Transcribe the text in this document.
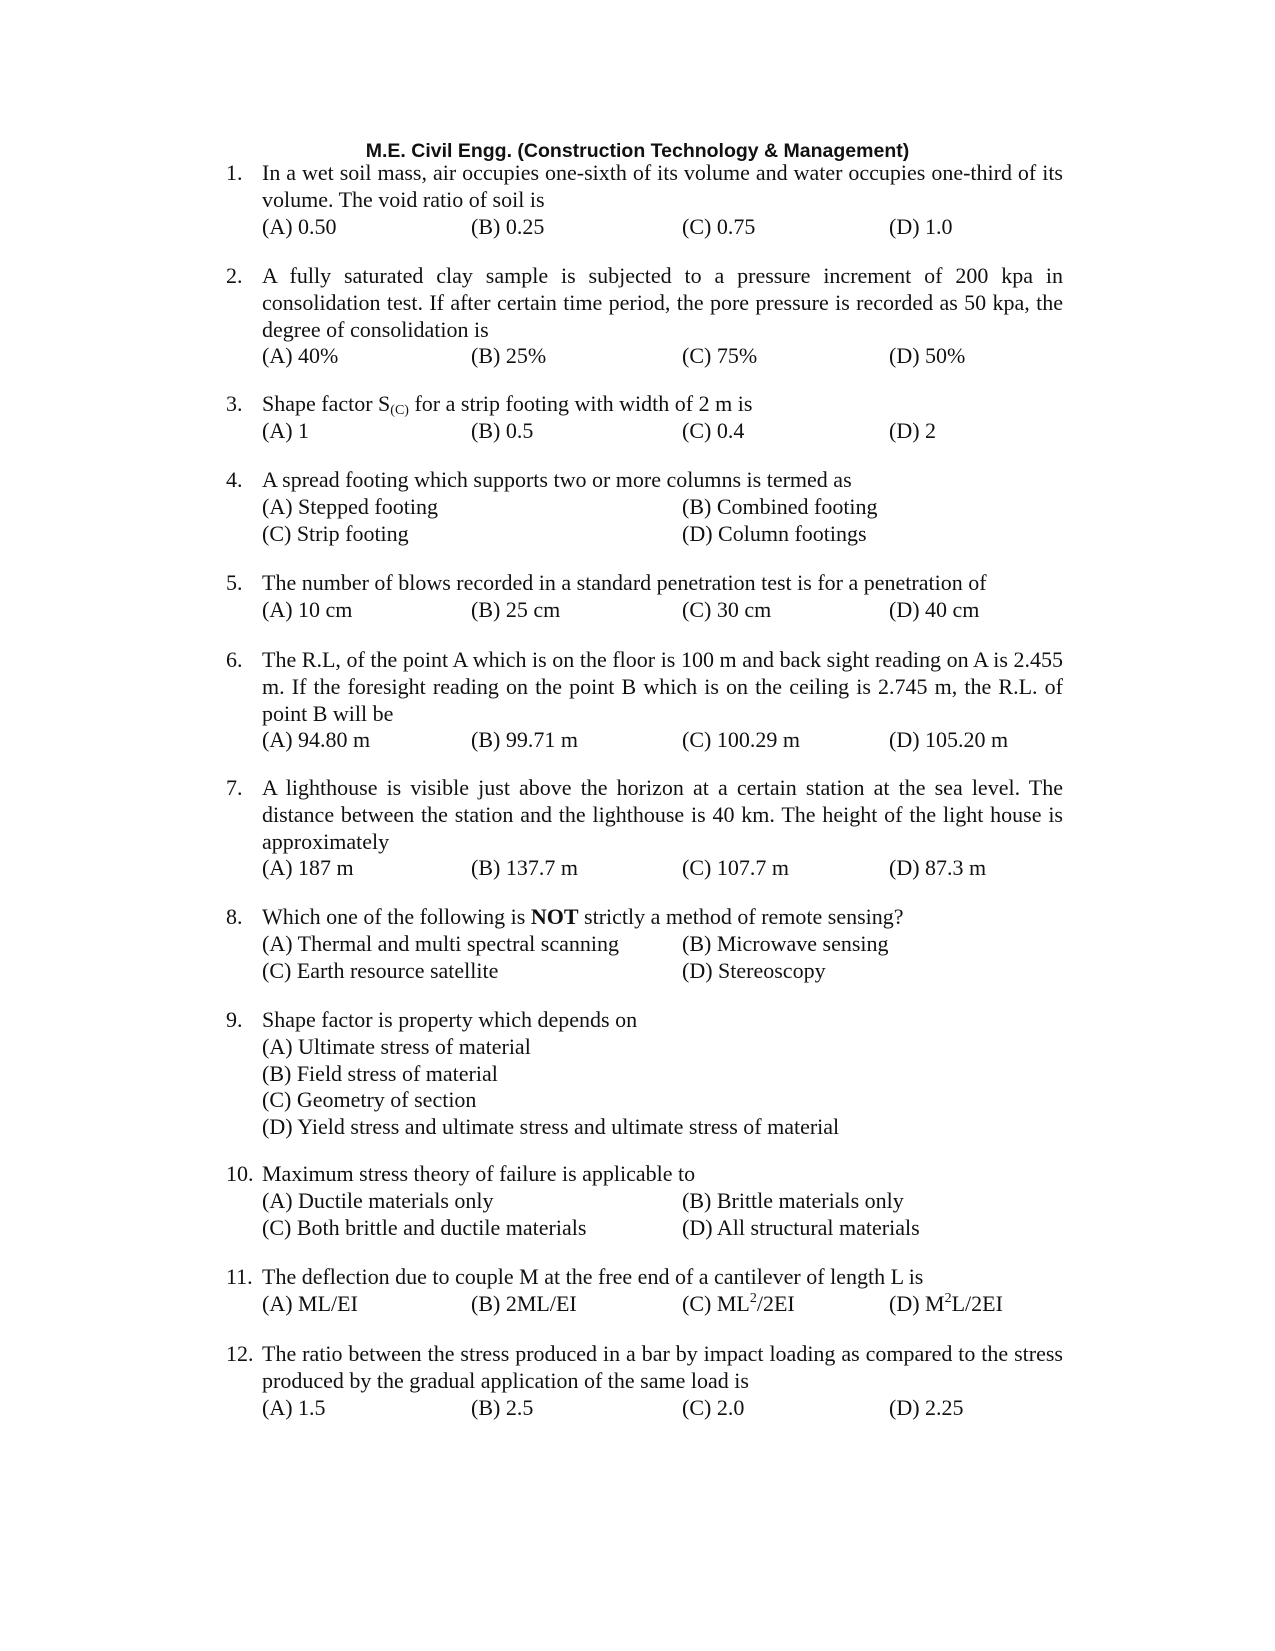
M.E. Civil Engg. (Construction Technology & Management)
1. In a wet soil mass, air occupies one-sixth of its volume and water occupies one-third of its volume. The void ratio of soil is
(A) 0.50	(B) 0.25	(C) 0.75	(D) 1.0
2. A fully saturated clay sample is subjected to a pressure increment of 200 kpa in consolidation test. If after certain time period, the pore pressure is recorded as 50 kpa, the degree of consolidation is
(A) 40%	(B) 25%	(C) 75%	(D) 50%
3. Shape factor $S_{(C)}$ for a strip footing with width of 2 m is
(A) 1	(B) 0.5	(C) 0.4	(D) 2
4. A spread footing which supports two or more columns is termed as
(A) Stepped footing	(B) Combined footing
(C) Strip footing	(D) Column footings
5. The number of blows recorded in a standard penetration test is for a penetration of
(A) 10 cm	(B) 25 cm	(C) 30 cm	(D) 40 cm
6. The R.L, of the point A which is on the floor is 100 m and back sight reading on A is 2.455 m. If the foresight reading on the point B which is on the ceiling is 2.745 m, the R.L. of point B will be
(A) 94.80 m	(B) 99.71 m	(C) 100.29 m	(D) 105.20 m
7. A lighthouse is visible just above the horizon at a certain station at the sea level. The distance between the station and the lighthouse is 40 km. The height of the light house is approximately
(A) 187 m	(B) 137.7 m	(C) 107.7 m	(D) 87.3 m
8. Which one of the following is NOT strictly a method of remote sensing?
(A) Thermal and multi spectral scanning	(B) Microwave sensing
(C) Earth resource satellite	(D) Stereoscopy
9. Shape factor is property which depends on
(A) Ultimate stress of material
(B) Field stress of material
(C) Geometry of section
(D) Yield stress and ultimate stress and ultimate stress of material
10. Maximum stress theory of failure is applicable to
(A) Ductile materials only	(B) Brittle materials only
(C) Both brittle and ductile materials	(D) All structural materials
11. The deflection due to couple M at the free end of a cantilever of length L is
(A) ML/EI	(B) 2ML/EI	(C) $ML^2/2EI$	(D) $M^2L/2EI$
12. The ratio between the stress produced in a bar by impact loading as compared to the stress produced by the gradual application of the same load is
(A) 1.5	(B) 2.5	(C) 2.0	(D) 2.25
